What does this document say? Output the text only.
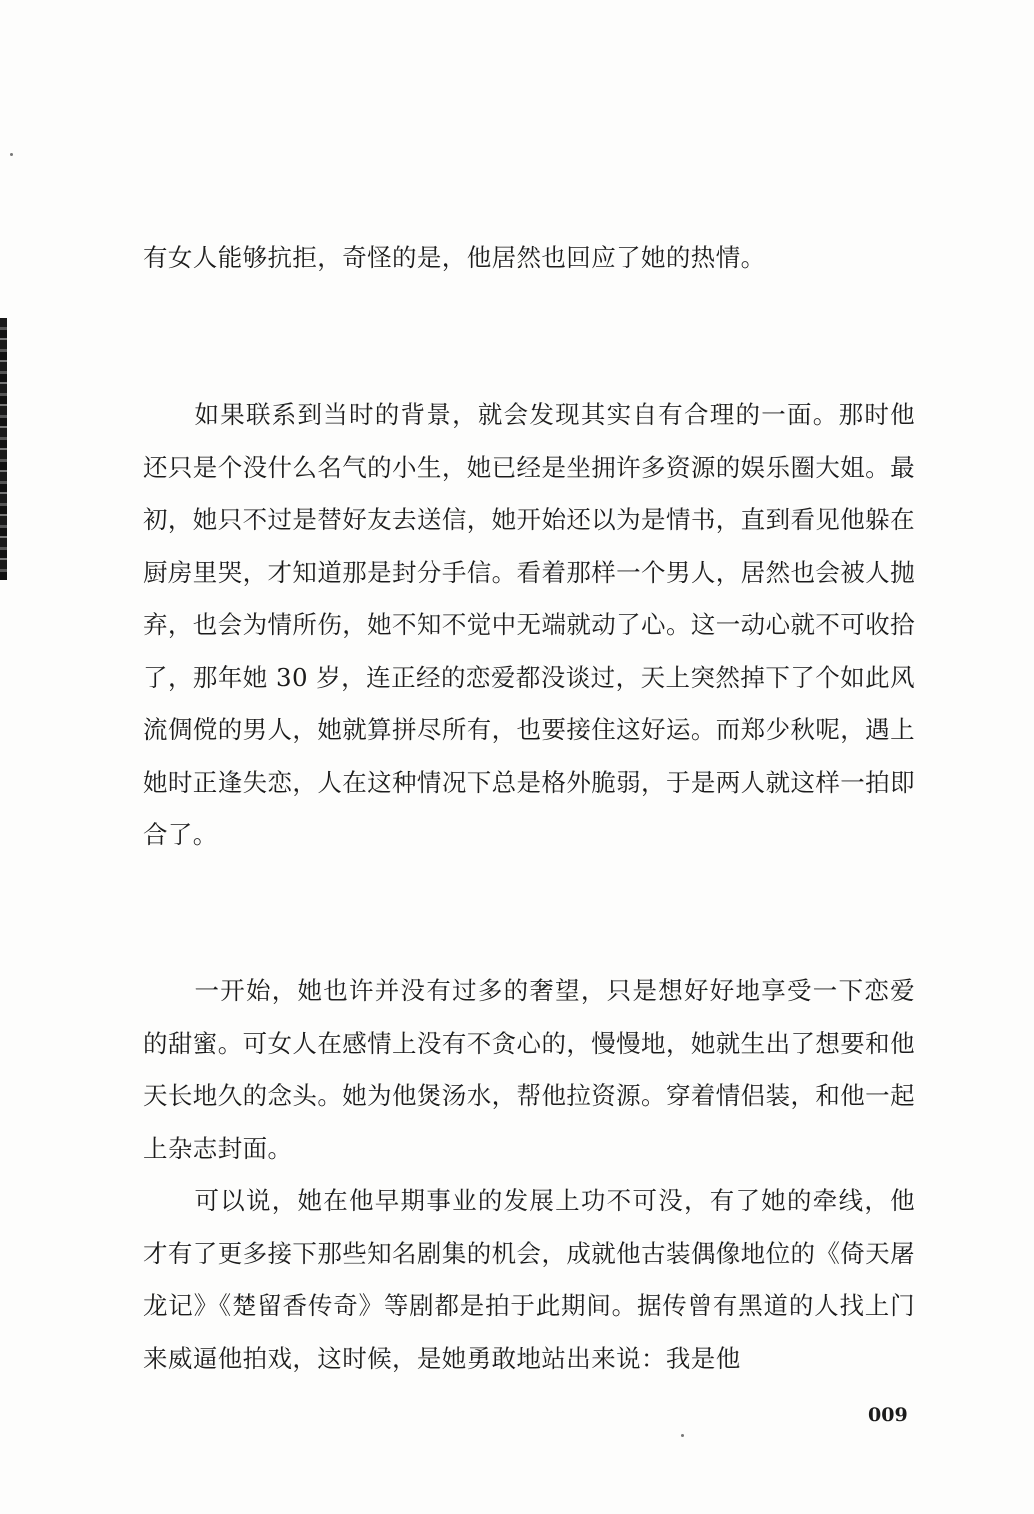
有女人能够抗拒，奇怪的是，他居然也回应了她的热情。

如果联系到当时的背景，就会发现其实自有合理的一面。那时他还只是个没什么名气的小生，她已经是坐拥许多资源的娱乐圈大姐。最初，她只不过是替好友去送信，她开始还以为是情书，直到看见他躲在厨房里哭，才知道那是封分手信。看着那样一个男人，居然也会被人抛弃，也会为情所伤，她不知不觉中无端就动了心。这一动心就不可收拾了，那年她 30 岁，连正经的恋爱都没谈过，天上突然掉下了个如此风流倜傥的男人，她就算拼尽所有，也要接住这好运。而郑少秋呢，遇上她时正逢失恋，人在这种情况下总是格外脆弱，于是两人就这样一拍即合了。

一开始，她也许并没有过多的奢望，只是想好好地享受一下恋爱的甜蜜。可女人在感情上没有不贪心的，慢慢地，她就生出了想要和他天长地久的念头。她为他煲汤水，帮他拉资源。穿着情侣装，和他一起上杂志封面。

可以说，她在他早期事业的发展上功不可没，有了她的牵线，他才有了更多接下那些知名剧集的机会，成就他古装偶像地位的《倚天屠龙记》《楚留香传奇》等剧都是拍于此期间。据传曾有黑道的人找上门来威逼他拍戏，这时候，是她勇敢地站出来说：我是他

009
